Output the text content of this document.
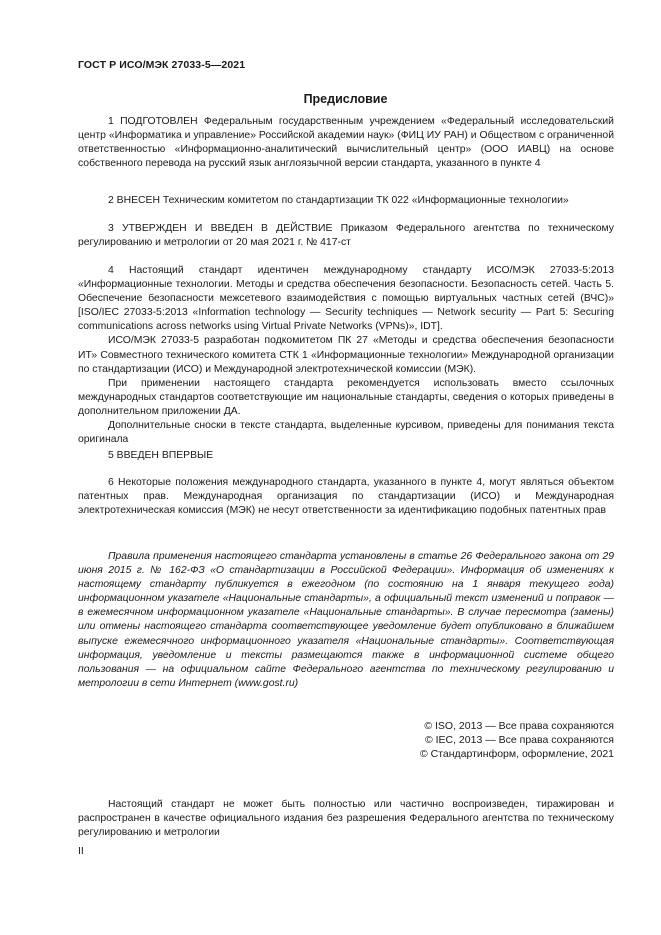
ГОСТ Р ИСО/МЭК 27033-5—2021
Предисловие

1 ПОДГОТОВЛЕН Федеральным государственным учреждением «Федеральный исследовательский центр «Информатика и управление» Российской академии наук» (ФИЦ ИУ РАН) и Обществом с ограниченной ответственностью «Информационно-аналитический вычислительный центр» (ООО ИАВЦ) на основе собственного перевода на русский язык англоязычной версии стандарта, указанного в пункте 4

2 ВНЕСЕН Техническим комитетом по стандартизации ТК 022 «Информационные технологии»

3 УТВЕРЖДЕН И ВВЕДЕН В ДЕЙСТВИЕ Приказом Федерального агентства по техническому регулированию и метрологии от 20 мая 2021 г. № 417-ст

4 Настоящий стандарт идентичен международному стандарту ИСО/МЭК 27033-5:2013 «Информационные технологии. Методы и средства обеспечения безопасности. Безопасность сетей. Часть 5. Обеспечение безопасности межсетевого взаимодействия с помощью виртуальных частных сетей (ВЧС)» [ISO/IEC 27033-5:2013 «Information technology — Security techniques — Network security — Part 5: Securing communications across networks using Virtual Private Networks (VPNs)», IDT].

ИСО/МЭК 27033-5 разработан подкомитетом ПК 27 «Методы и средства обеспечения безопасности ИТ» Совместного технического комитета СТК 1 «Информационные технологии» Международной организации по стандартизации (ИСО) и Международной электротехнической комиссии (МЭК).

При применении настоящего стандарта рекомендуется использовать вместо ссылочных международных стандартов соответствующие им национальные стандарты, сведения о которых приведены в дополнительном приложении ДА.

Дополнительные сноски в тексте стандарта, выделенные курсивом, приведены для понимания текста оригинала

5 ВВЕДЕН ВПЕРВЫЕ

6 Некоторые положения международного стандарта, указанного в пункте 4, могут являться объектом патентных прав. Международная организация по стандартизации (ИСО) и Международная электротехническая комиссия (МЭК) не несут ответственности за идентификацию подобных патентных прав

Правила применения настоящего стандарта установлены в статье 26 Федерального закона от 29 июня 2015 г. № 162-ФЗ «О стандартизации в Российской Федерации». Информация об изменениях к настоящему стандарту публикуется в ежегодном (по состоянию на 1 января текущего года) информационном указателе «Национальные стандарты», а официальный текст изменений и поправок — в ежемесячном информационном указателе «Национальные стандарты». В случае пересмотра (замены) или отмены настоящего стандарта соответствующее уведомление будет опубликовано в ближайшем выпуске ежемесячного информационного указателя «Национальные стандарты». Соответствующая информация, уведомление и тексты размещаются также в информационной системе общего пользования — на официальном сайте Федерального агентства по техническому регулированию и метрологии в сети Интернет (www.gost.ru)

© ISO, 2013 — Все права сохраняются
© IEC, 2013 — Все права сохраняются
© Стандартинформ, оформление, 2021

Настоящий стандарт не может быть полностью или частично воспроизведен, тиражирован и распространен в качестве официального издания без разрешения Федерального агентства по техническому регулированию и метрологии

II
